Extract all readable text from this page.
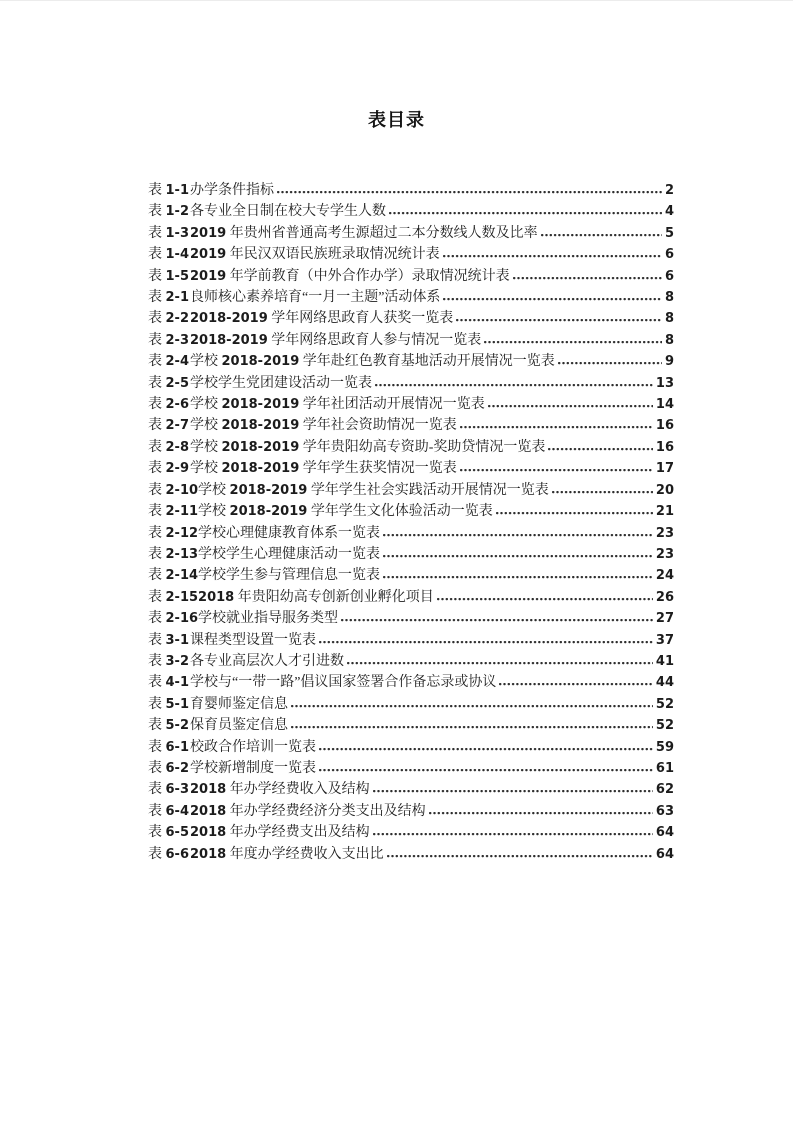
表目录
表 1-1 办学条件指标	2
表 1-2 各专业全日制在校大专学生人数	4
表 1-3 2019 年贵州省普通高考生源超过二本分数线人数及比率	5
表 1-4 2019 年民汉双语民族班录取情况统计表	6
表 1-5 2019 年学前教育（中外合作办学）录取情况统计表	6
表 2-1 良师核心素养培育“一月一主题”活动体系	8
表 2-2 2018-2019 学年网络思政育人获奖一览表	8
表 2-3 2018-2019 学年网络思政育人参与情况一览表	8
表 2-4 学校 2018-2019 学年赴红色教育基地活动开展情况一览表	9
表 2-5 学校学生党团建设活动一览表	13
表 2-6 学校 2018-2019 学年社团活动开展情况一览表	14
表 2-7 学校 2018-2019 学年社会资助情况一览表	16
表 2-8 学校 2018-2019 学年贵阳幼高专资助-奖助贷情况一览表	16
表 2-9 学校 2018-2019 学年学生获奖情况一览表	17
表 2-10 学校 2018-2019 学年学生社会实践活动开展情况一览表	20
表 2-11 学校 2018-2019 学年学生文化体验活动一览表	21
表 2-12 学校心理健康教育体系一览表	23
表 2-13 学校学生心理健康活动一览表	23
表 2-14 学校学生参与管理信息一览表	24
表 2-15 2018 年贵阳幼高专创新创业孵化项目	26
表 2-16 学校就业指导服务类型	27
表 3-1 课程类型设置一览表	37
表 3-2 各专业高层次人才引进数	41
表 4-1 学校与“一带一路”倡议国家签署合作备忘录或协议	44
表 5-1 育婴师鉴定信息	52
表 5-2 保育员鉴定信息	52
表 6-1 校政合作培训一览表	59
表 6-2 学校新增制度一览表	61
表 6-3 2018 年办学经费收入及结构	62
表 6-4 2018 年办学经费经济分类支出及结构	63
表 6-5 2018 年办学经费支出及结构	64
表 6-6 2018 年度办学经费收入支出比	64
